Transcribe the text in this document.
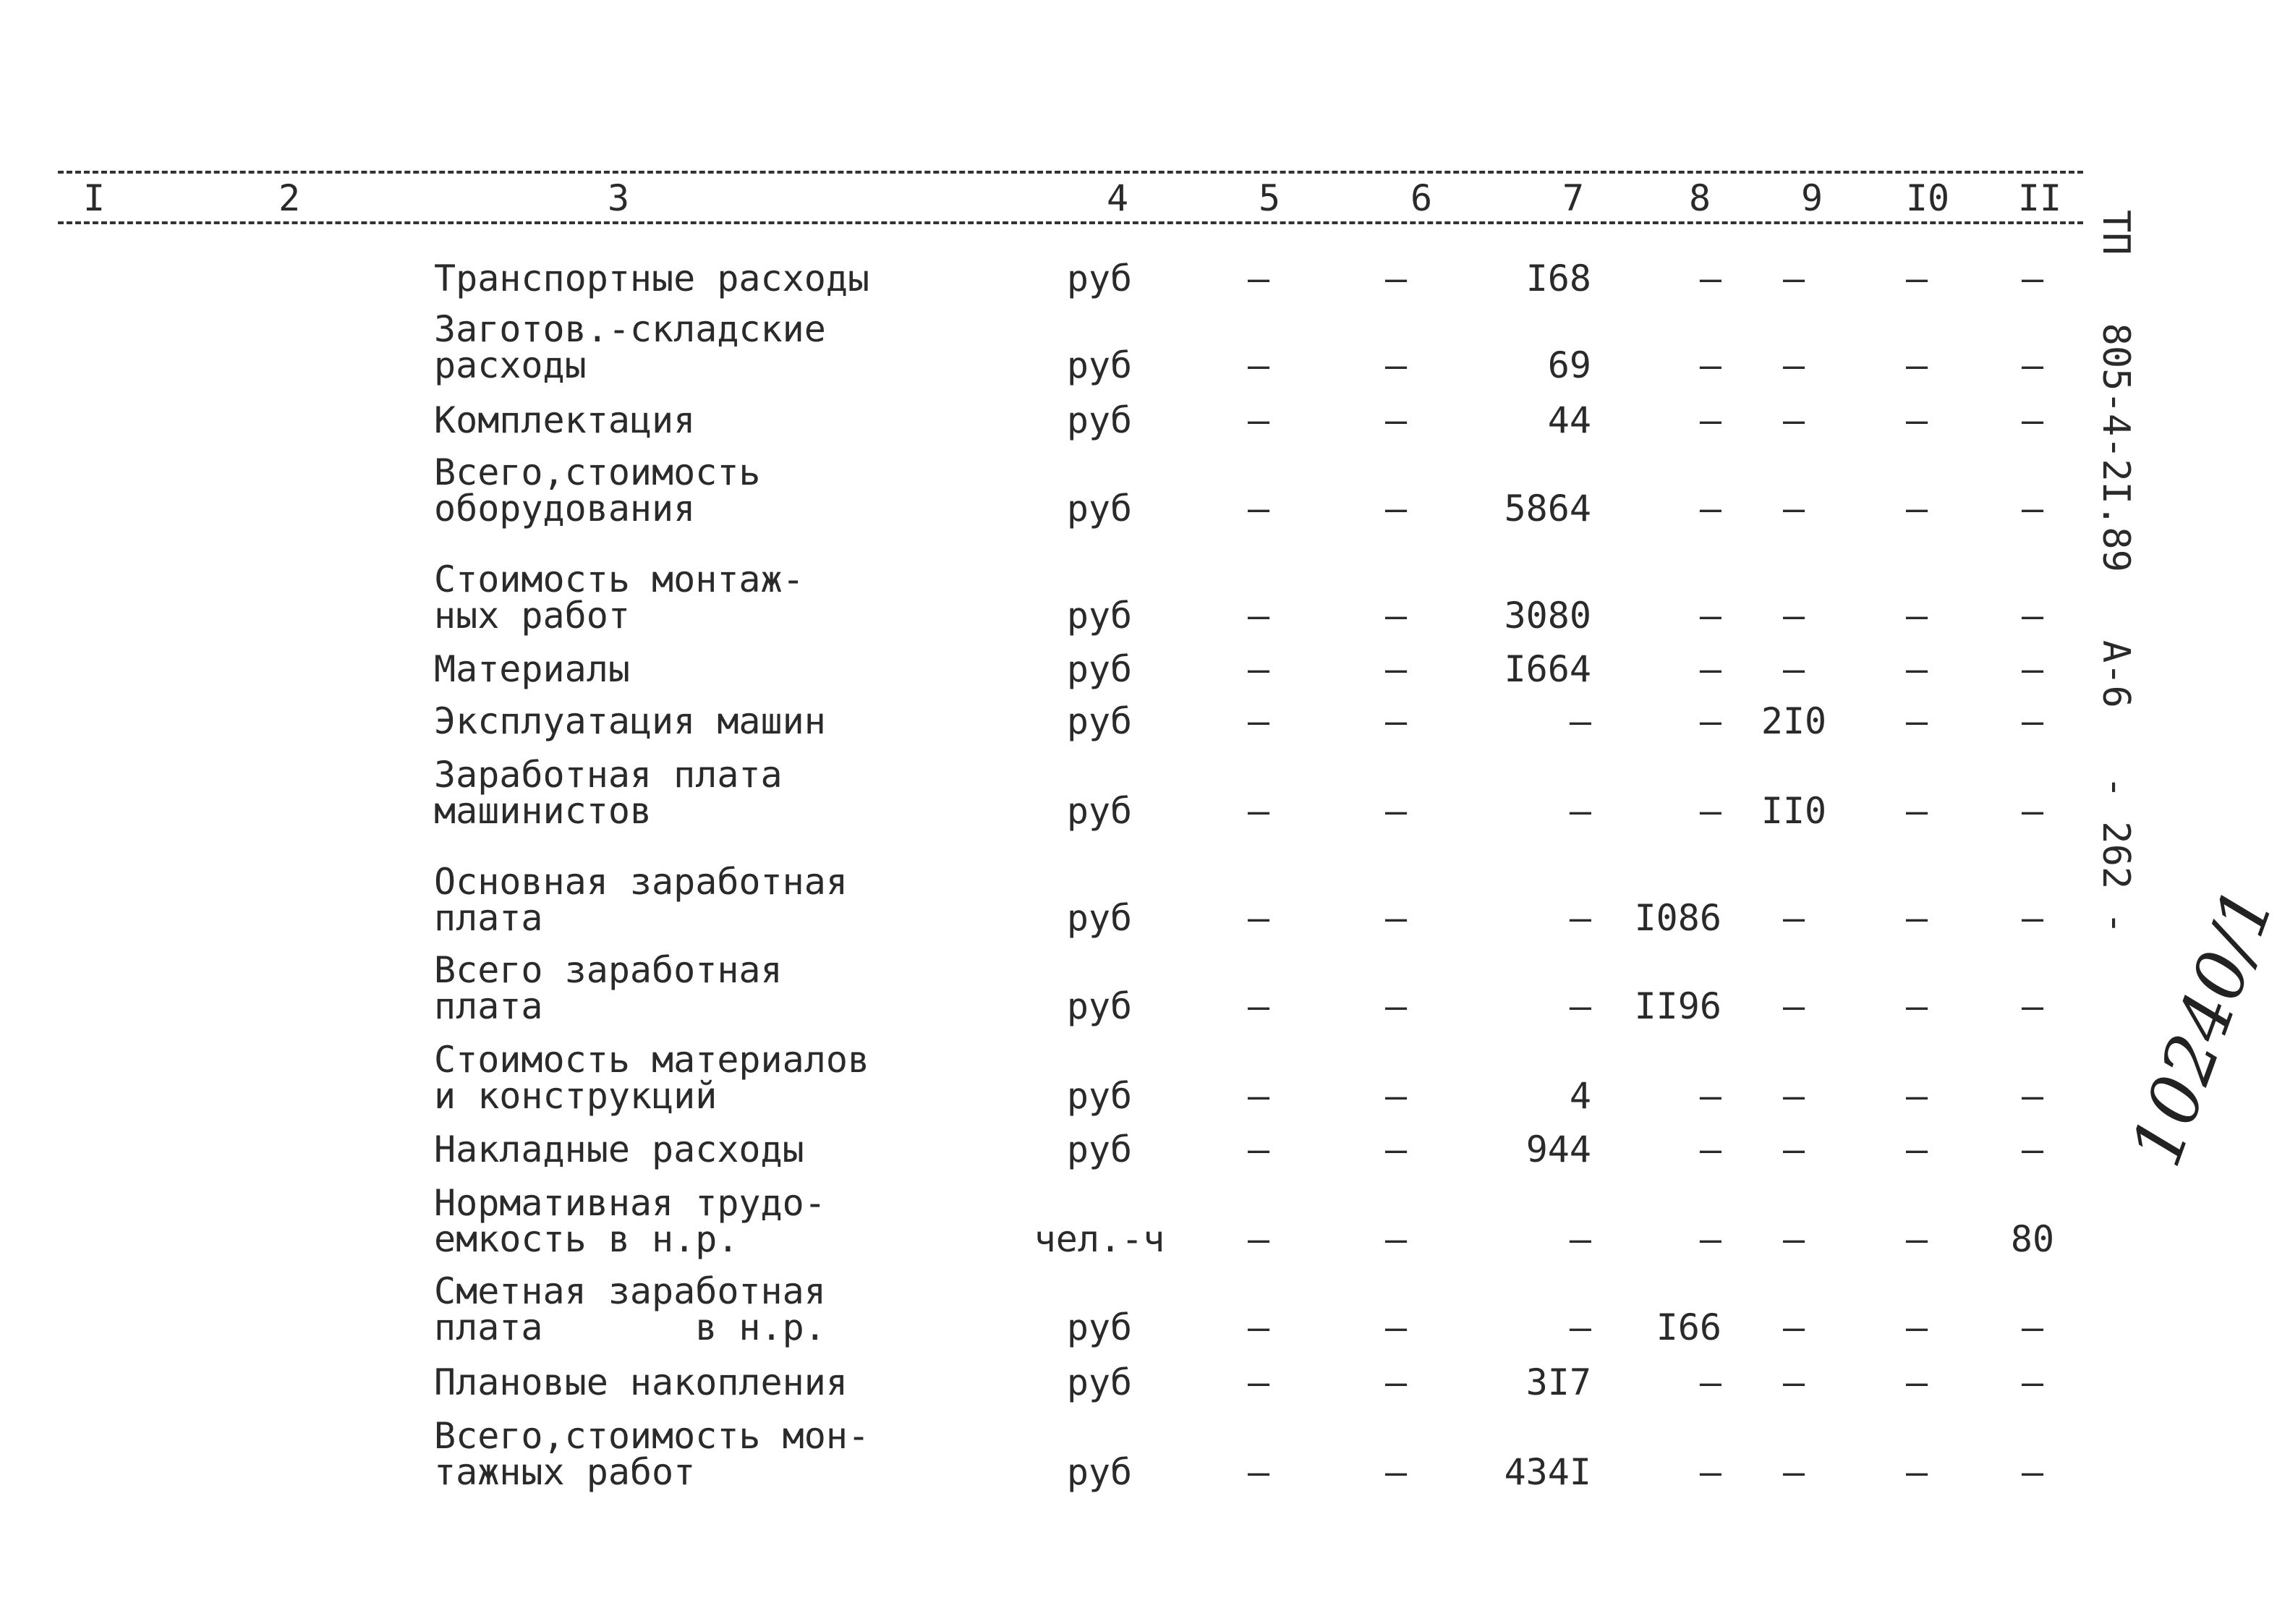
I	2	3	4	5	6	7	8 9 I0 II
Транспортные расходы	руб	–	–	I68	–	–	–	–
Заготов.-складские
расходы	руб	–	–	69	–	–	–	–
Комплектация	руб	–	–	44	–	–	–	–
Всего,стоимость
оборудования	руб	–	–	5864	–	–	–	–
Стоимость монтаж-
ных работ	руб	–	–	3080	–	–	–	–
Материалы	руб	–	–	I664	–	–	–	–
Эксплуатация машин	руб	–	–	–	–	2I0	–	–
Заработная плата
машинистов	руб	–	–	–	–	II0	–	–
Основная заработная
плата	руб	–	–	–	I086	–	–	–
Всего заработная
плата	руб	–	–	–	II96	–	–	–
Стоимость материалов
и конструкций	руб	–	–	4	–	–	–	–
Накладные расходы	руб	–	–	944	–	–	–	–
Нормативная трудо-
емкость в н.р.	чел.-ч	–	–	–	–	–	–	80
Сметная заработная
плата       в н.р.	руб	–	–	–	I66	–	–	–
Плановые накопления	руб	–	–	3I7	–	–	–	–
Всего,стоимость мон-
тажных работ	руб	–	–	434I	–	–	–	–
ТП   805-4-2I.89   А-6   - 262 -
10240/1
